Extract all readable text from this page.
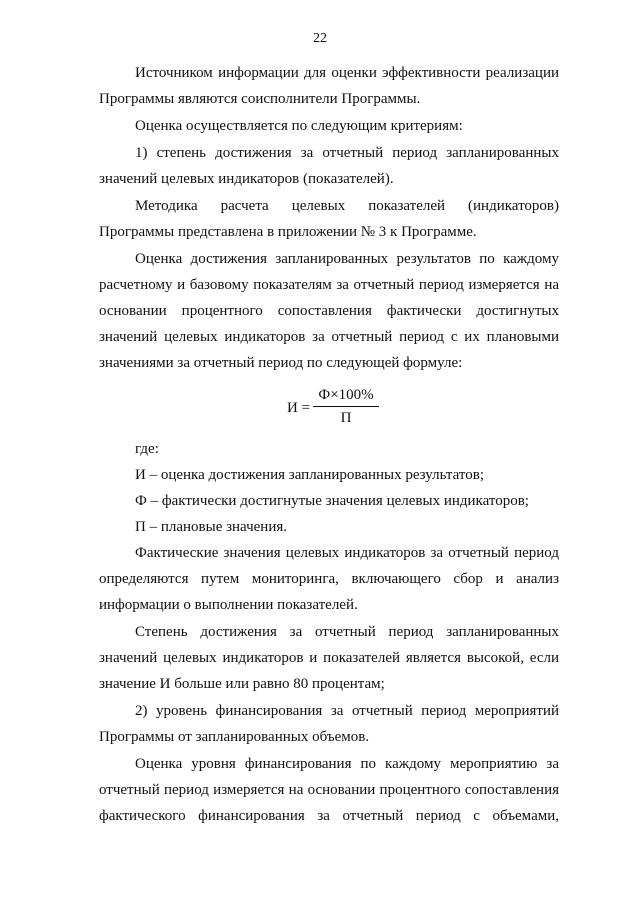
22

Источником информации для оценки эффективности реализации Программы являются соисполнители Программы.

Оценка осуществляется по следующим критериям:

1) степень достижения за отчетный период запланированных значений целевых индикаторов (показателей).

Методика расчета целевых показателей (индикаторов) Программы представлена в приложении № 3 к Программе.

Оценка достижения запланированных результатов по каждому расчетному и базовому показателям за отчетный период измеряется на основании процентного сопоставления фактически достигнутых значений целевых индикаторов за отчетный период с их плановыми значениями за отчетный период по следующей формуле:

И =
Ф×100%
П

где:

И – оценка достижения запланированных результатов;

Ф – фактически достигнутые значения целевых индикаторов;

П – плановые значения.

Фактические значения целевых индикаторов за отчетный период определяются путем мониторинга, включающего сбор и анализ информации о выполнении показателей.

Степень достижения за отчетный период запланированных значений целевых индикаторов и показателей является высокой, если значение И больше или равно 80 процентам;

2) уровень финансирования за отчетный период мероприятий Программы от запланированных объемов.

Оценка уровня финансирования по каждому мероприятию за отчетный период измеряется на основании процентного сопоставления фактического финансирования за отчетный период с объемами,
